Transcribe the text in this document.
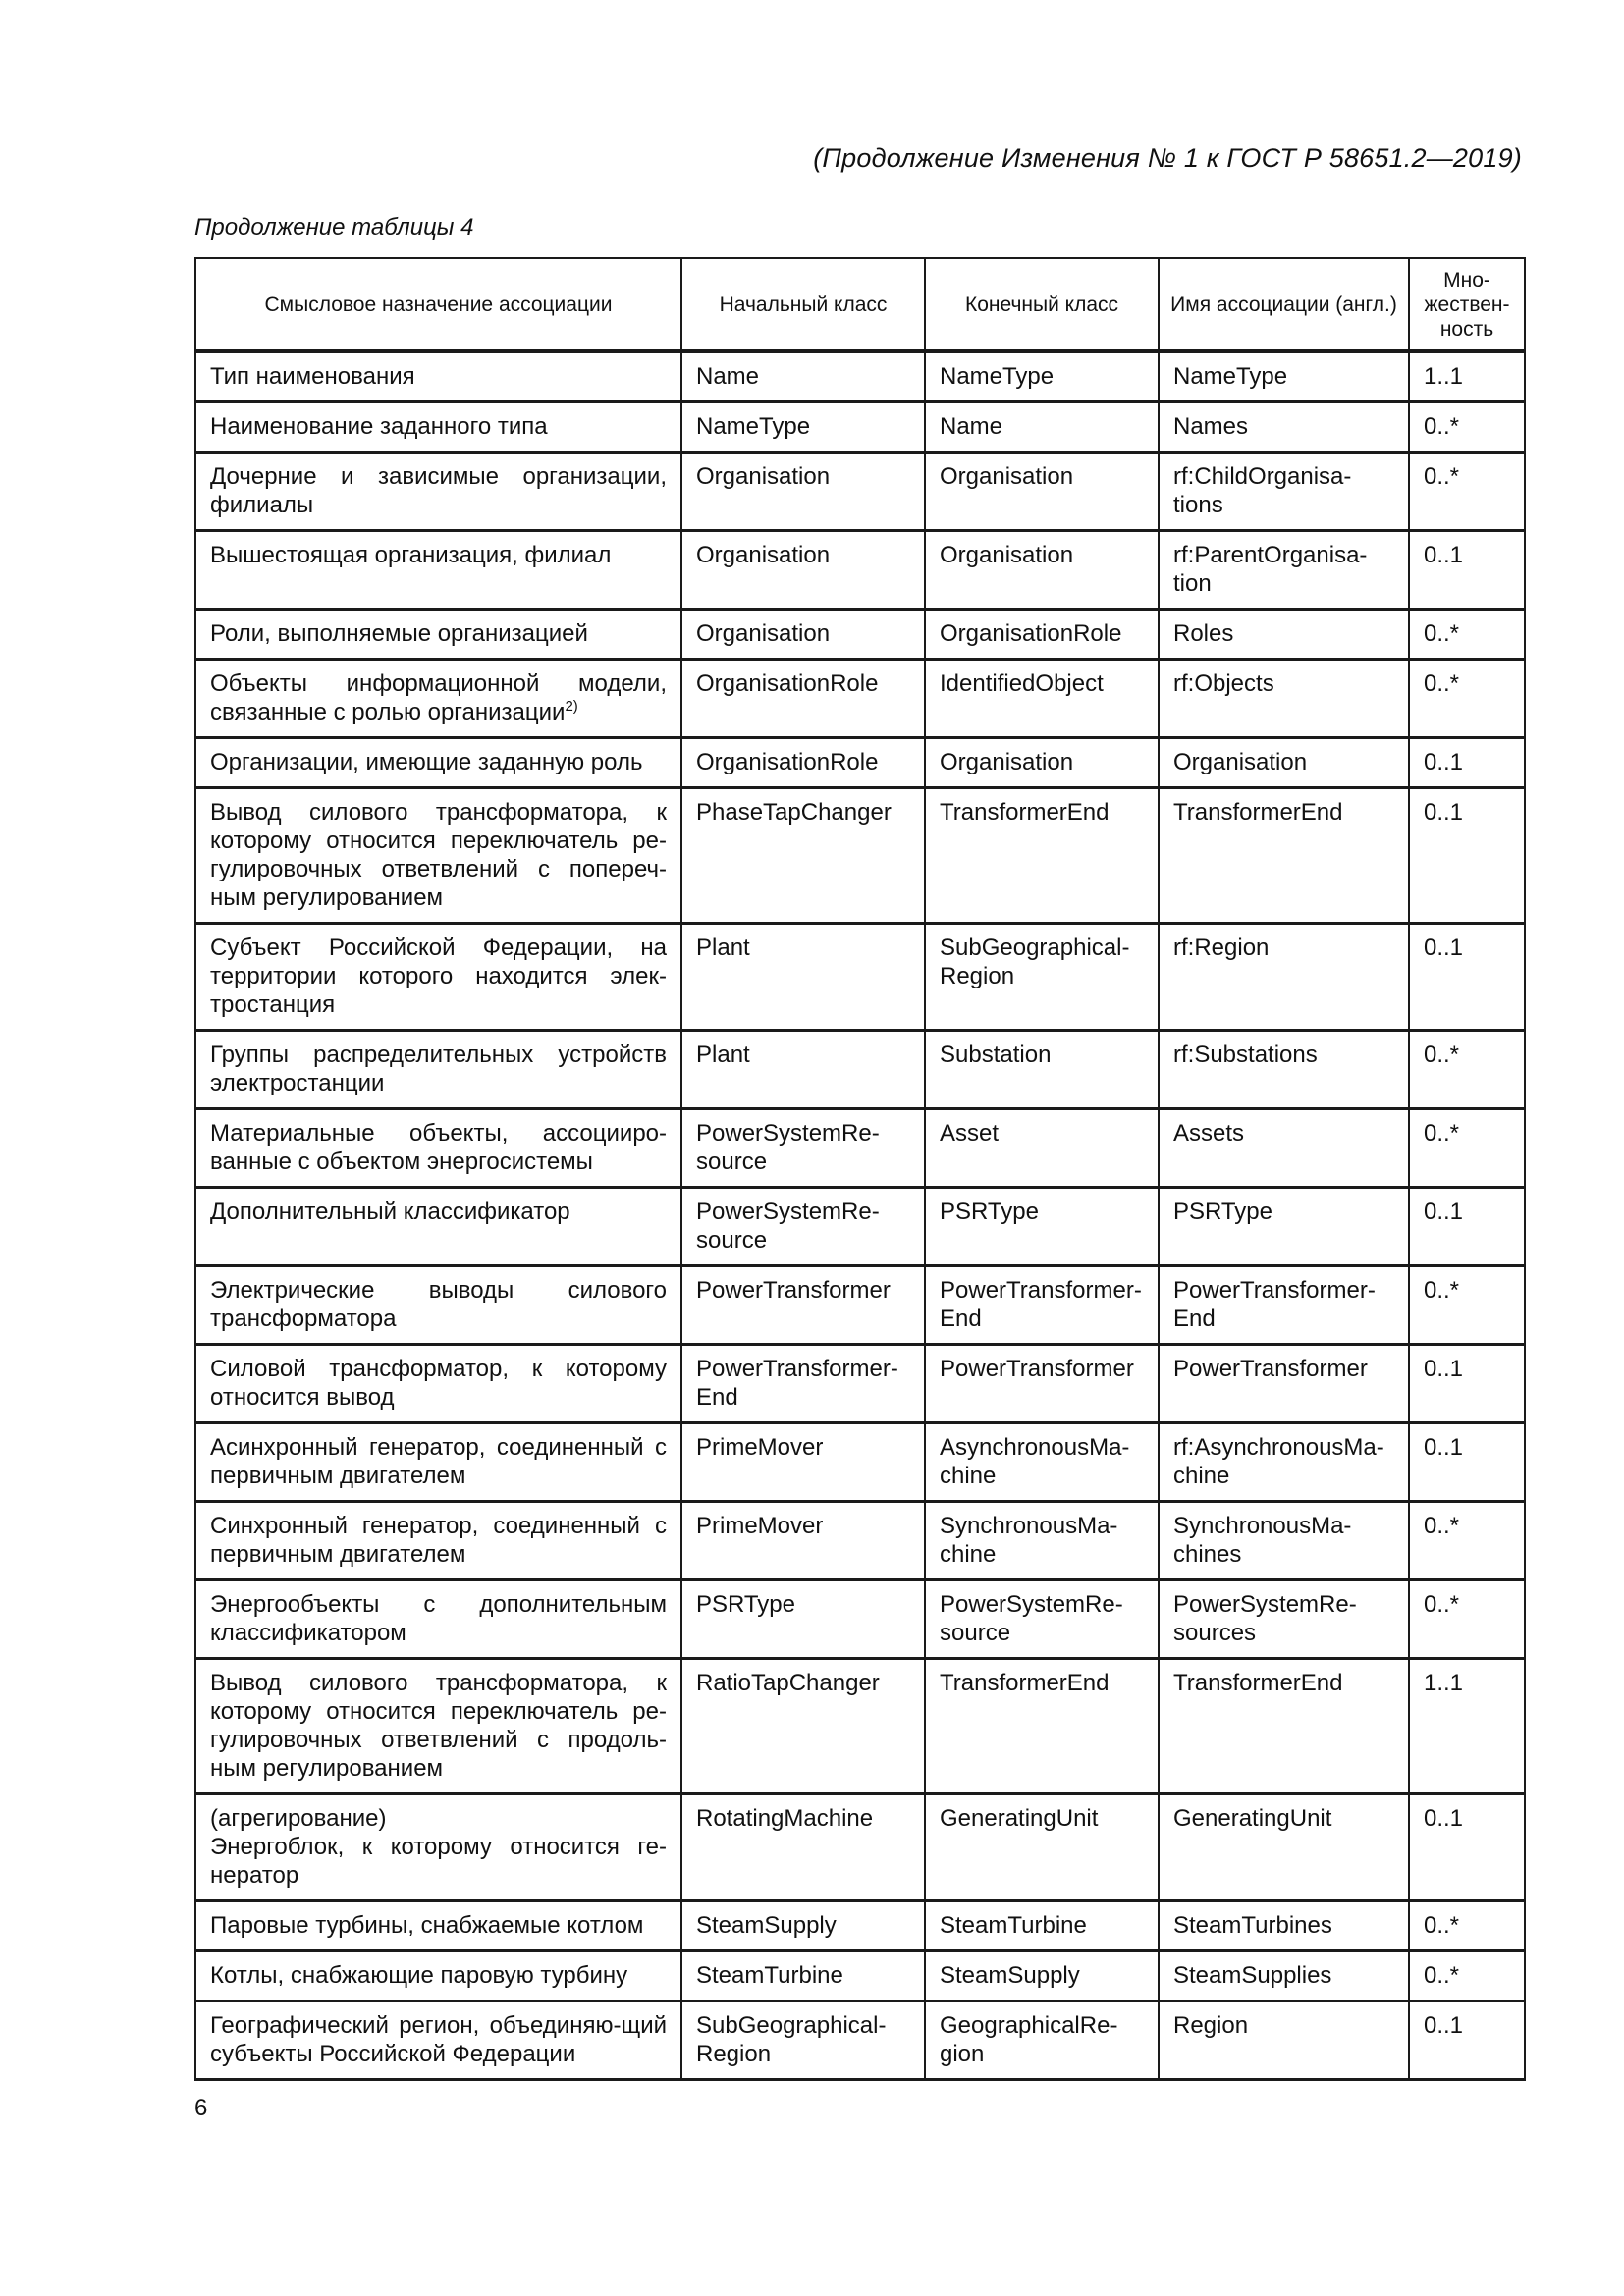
(Продолжение Изменения № 1 к ГОСТ Р 58651.2—2019)
Продолжение таблицы 4
Смысловое назначение ассоциации	Начальный класс	Конечный класс	Имя ассоциации (англ.)	Мно-жествен-ность
Тип наименования	Name	NameType	NameType	1..1
Наименование заданного типа	NameType	Name	Names	0..*
Дочерние и зависимые организации, филиалы	Organisation	Organisation	rf:ChildOrganisa-tions	0..*
Вышестоящая организация, филиал	Organisation	Organisation	rf:ParentOrganisa-tion	0..1
Роли, выполняемые организацией	Organisation	OrganisationRole	Roles	0..*
Объекты информационной модели, связанные с ролью организации$^{2)}$	OrganisationRole	IdentifiedObject	rf:Objects	0..*
Организации, имеющие заданную роль	OrganisationRole	Organisation	Organisation	0..1
Вывод силового трансформатора, к которому относится переключатель ре-гулировочных ответвлений с попереч-ным регулированием	PhaseTapChanger	TransformerEnd	TransformerEnd	0..1
Субъект Российской Федерации, на территории которого находится элек-тростанция	Plant	SubGeographical-Region	rf:Region	0..1
Группы распределительных устройств электростанции	Plant	Substation	rf:Substations	0..*
Материальные объекты, ассоцииро-ванные с объектом энергосистемы	PowerSystemRe-source	Asset	Assets	0..*
Дополнительный классификатор	PowerSystemRe-source	PSRType	PSRType	0..1
Электрические выводы силового трансформатора	PowerTransformer	PowerTransformer-End	PowerTransformer-End	0..*
Силовой трансформатор, к которому относится вывод	PowerTransformer-End	PowerTransformer	PowerTransformer	0..1
Асинхронный генератор, соединенный с первичным двигателем	PrimeMover	AsynchronousMa-chine	rf:AsynchronousMa-chine	0..1
Синхронный генератор, соединенный с первичным двигателем	PrimeMover	SynchronousMa-chine	SynchronousMa-chines	0..*
Энергообъекты с дополнительным классификатором	PSRType	PowerSystemRe-source	PowerSystemRe-sources	0..*
Вывод силового трансформатора, к которому относится переключатель ре-гулировочных ответвлений с продоль-ным регулированием	RatioTapChanger	TransformerEnd	TransformerEnd	1..1
(агрегирование)
Энергоблок, к которому относится ге-нератор	RotatingMachine	GeneratingUnit	GeneratingUnit	0..1
Паровые турбины, снабжаемые котлом	SteamSupply	SteamTurbine	SteamTurbines	0..*
Котлы, снабжающие паровую турбину	SteamTurbine	SteamSupply	SteamSupplies	0..*
Географический регион, объединяю-щий субъекты Российской Федерации	SubGeographical-Region	GeographicalRe-gion	Region	0..1
6
